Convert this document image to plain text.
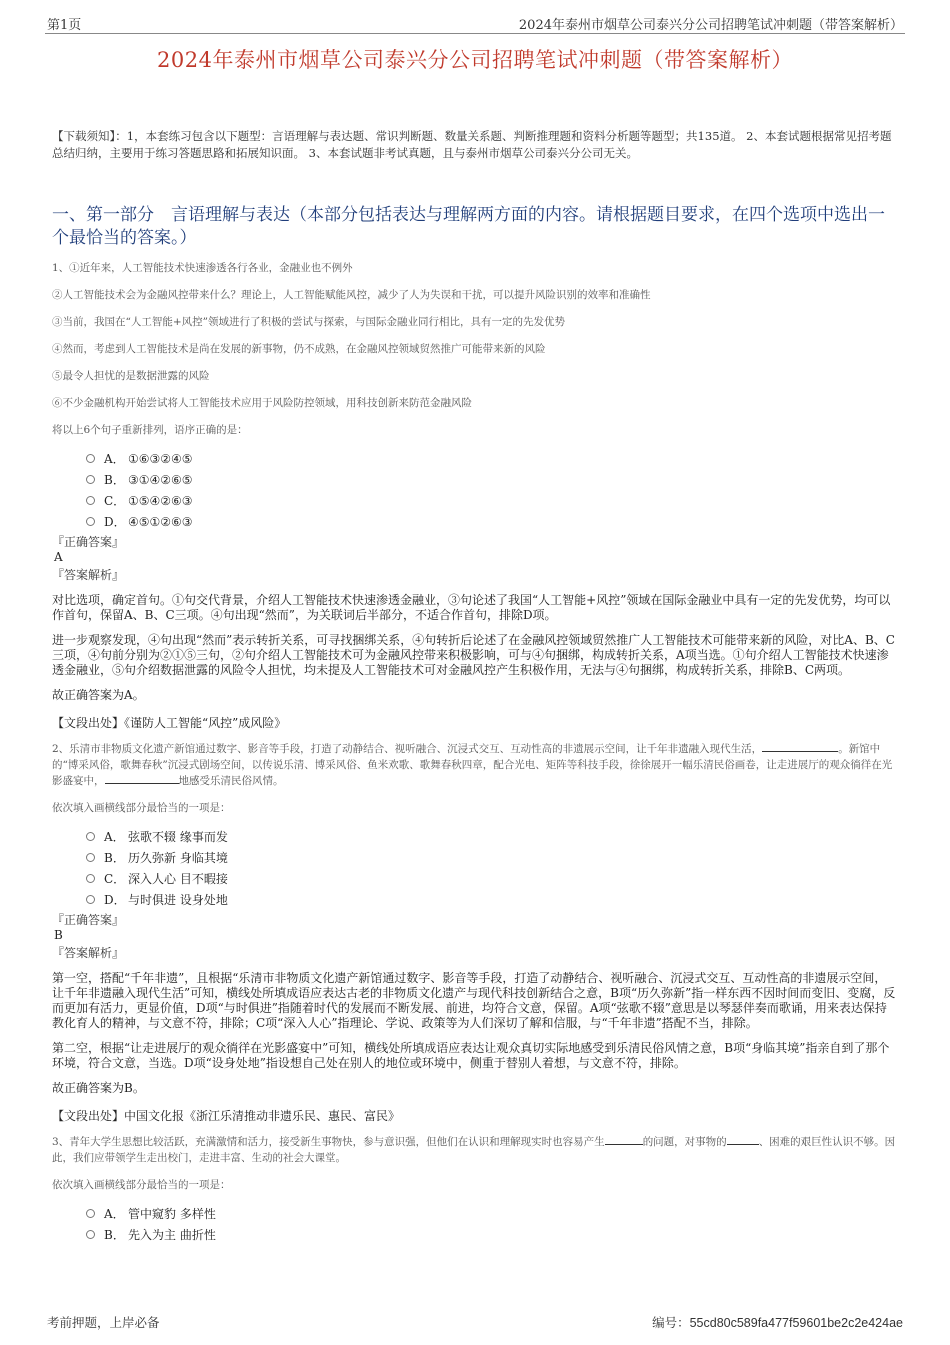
第1页	2024年泰州市烟草公司泰兴分公司招聘笔试冲刺题（带答案解析）
2024年泰州市烟草公司泰兴分公司招聘笔试冲刺题（带答案解析）
【下载须知】：1，本套练习包含以下题型：言语理解与表达题、常识判断题、数量关系题、判断推理题和资料分析题等题型；共135道。 2、本套试题根据常见招考题总结归纳，主要用于练习答题思路和拓展知识面。 3、本套试题非考试真题，且与泰州市烟草公司泰兴分公司无关。
一、第一部分　言语理解与表达（本部分包括表达与理解两方面的内容。请根据题目要求，在四个选项中选出一个最恰当的答案。）
1、①近年来，人工智能技术快速渗透各行各业，金融业也不例外
②人工智能技术会为金融风控带来什么？理论上，人工智能赋能风控，减少了人为失误和干扰，可以提升风险识别的效率和准确性
③当前，我国在“人工智能+风控”领域进行了积极的尝试与探索，与国际金融业同行相比，具有一定的先发优势
④然而，考虑到人工智能技术是尚在发展的新事物，仍不成熟，在金融风控领域贸然推广可能带来新的风险
⑤最令人担忧的是数据泄露的风险
⑥不少金融机构开始尝试将人工智能技术应用于风险防控领域，用科技创新来防范金融风险
将以上6个句子重新排列，语序正确的是：
A． ①⑥③②④⑤
B． ③①④②⑥⑤
C． ①⑤④②⑥③
D． ④⑤①②⑥③
『正确答案』
A
『答案解析』
对比选项，确定首句。①句交代背景，介绍人工智能技术快速渗透金融业，③句论述了我国“人工智能+风控”领域在国际金融业中具有一定的先发优势，均可以作首句，保留A、B、C三项。④句出现“然而”，为关联词后半部分，不适合作首句，排除D项。
进一步观察发现，④句出现“然而”表示转折关系，可寻找捆绑关系，④句转折后论述了在金融风控领域贸然推广人工智能技术可能带来新的风险，对比A、B、C三项，④句前分别为②①⑤三句，②句介绍人工智能技术可为金融风控带来积极影响，可与④句捆绑，构成转折关系，A项当选。①句介绍人工智能技术快速渗透金融业，⑤句介绍数据泄露的风险令人担忧，均未提及人工智能技术可对金融风控产生积极作用，无法与④句捆绑，构成转折关系，排除B、C两项。
故正确答案为A。
【文段出处】《谨防人工智能“风控”成风险》
2、乐清市非物质文化遗产新馆通过数字、影音等手段，打造了动静结合、视听融合、沉浸式交互、互动性高的非遗展示空间，让千年非遗融入现代生活，	。新馆中的“博采风俗，歌舞春秋”沉浸式剧场空间，以传说乐清、博采风俗、鱼米欢歌、歌舞春秋四章，配合光电、矩阵等科技手段，徐徐展开一幅乐清民俗画卷，让走进展厅的观众徜徉在光影盛宴中，	地感受乐清民俗风情。
依次填入画横线部分最恰当的一项是：
A． 弦歌不辍 缘事而发
B． 历久弥新 身临其境
C． 深入人心 目不暇接
D． 与时俱进 设身处地
『正确答案』
B
『答案解析』
第一空，搭配“千年非遗”，且根据“乐清市非物质文化遗产新馆通过数字、影音等手段，打造了动静结合、视听融合、沉浸式交互、互动性高的非遗展示空间，让千年非遗融入现代生活”可知，横线处所填成语应表达古老的非物质文化遗产与现代科技创新结合之意，B项“历久弥新”指一样东西不因时间而变旧、变腐，反而更加有活力，更显价值，D项“与时俱进”指随着时代的发展而不断发展、前进，均符合文意，保留。A项“弦歌不辍”意思是以琴瑟伴奏而歌诵，用来表达保持教化育人的精神，与文意不符，排除；C项“深入人心”指理论、学说、政策等为人们深切了解和信服，与“千年非遗”搭配不当，排除。
第二空，根据“让走进展厅的观众徜徉在光影盛宴中”可知，横线处所填成语应表达让观众真切实际地感受到乐清民俗风情之意，B项“身临其境”指亲自到了那个环境，符合文意，当选。D项“设身处地”指设想自己处在别人的地位或环境中，侧重于替别人着想，与文意不符，排除。
故正确答案为B。
【文段出处】中国文化报《浙江乐清推动非遗乐民、惠民、富民》
3、青年大学生思想比较活跃，充满激情和活力，接受新生事物快，参与意识强，但他们在认识和理解现实时也容易产生	的问题，对事物的	、困难的艰巨性认识不够。因此，我们应带领学生走出校门，走进丰富、生动的社会大课堂。
依次填入画横线部分最恰当的一项是：
A． 管中窥豹 多样性
B． 先入为主 曲折性
考前押题，上岸必备	编号：55cd80c589fa477f59601be2c2e424ae
